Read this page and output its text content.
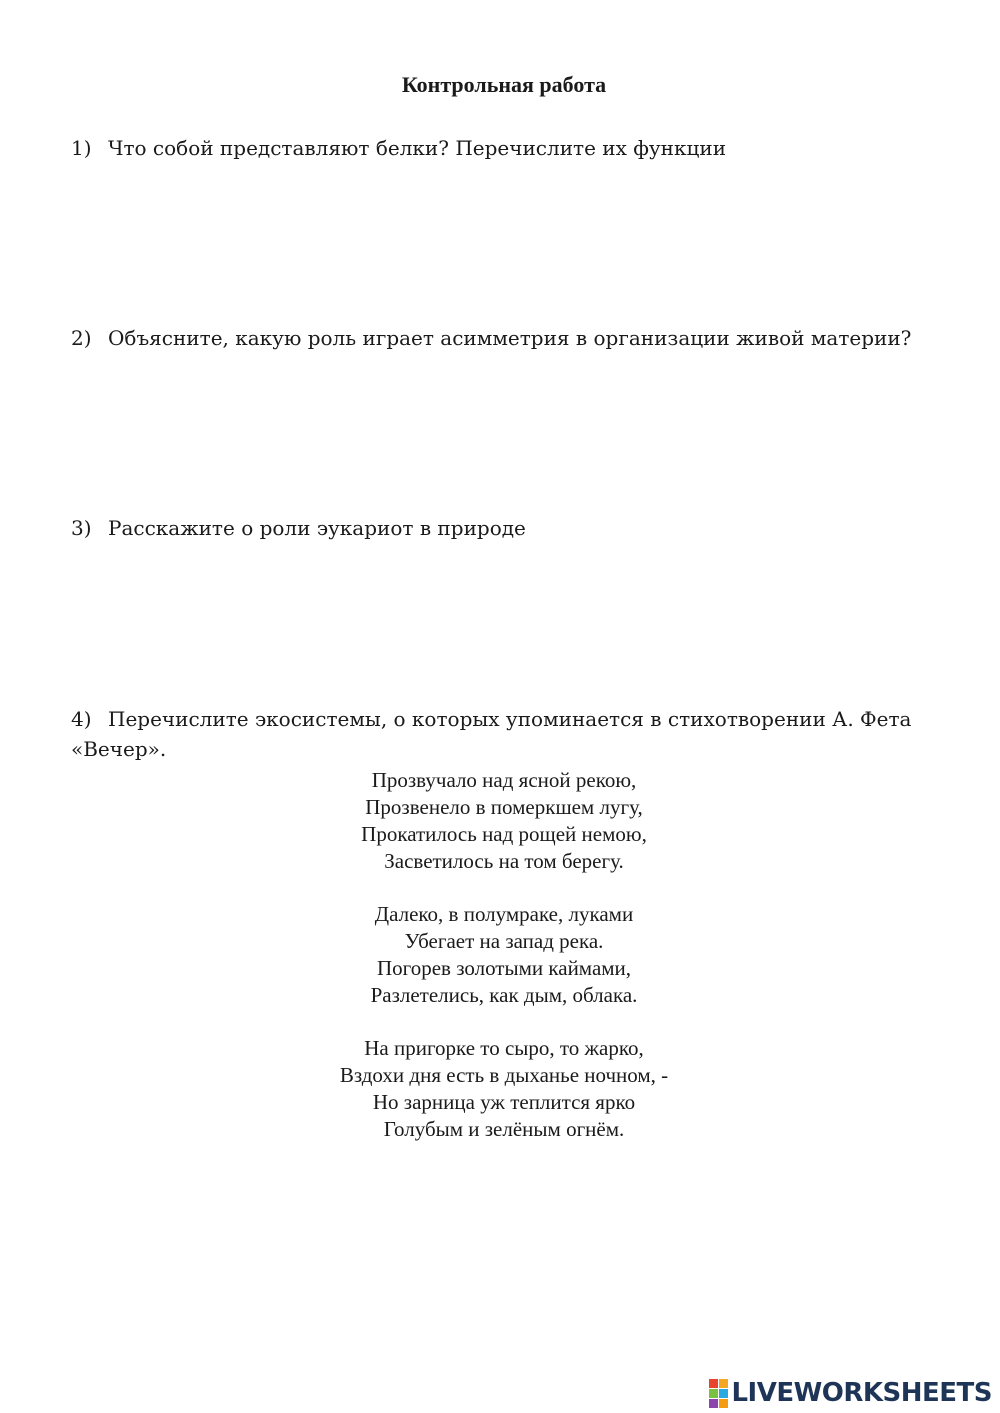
Контрольная работа
1) Что собой представляют белки? Перечислите их функции
2) Объясните, какую роль играет асимметрия в организации живой материи?
3) Расскажите о роли эукариот в природе
4) Перечислите экосистемы, о которых упоминается в стихотворении А. Фета «Вечер».
Прозвучало над ясной рекою,
Прозвенело в померкшем лугу,
Прокатилось над рощей немою,
Засветилось на том берегу.
Далеко, в полумраке, луками
Убегает на запад река.
Погорев золотыми каймами,
Разлетелись, как дым, облака.
На пригорке то сыро, то жарко,
Вздохи дня есть в дыханье ночном, -
Но зарница уж теплится ярко
Голубым и зелёным огнём.
LIVEWORKSHEETS
